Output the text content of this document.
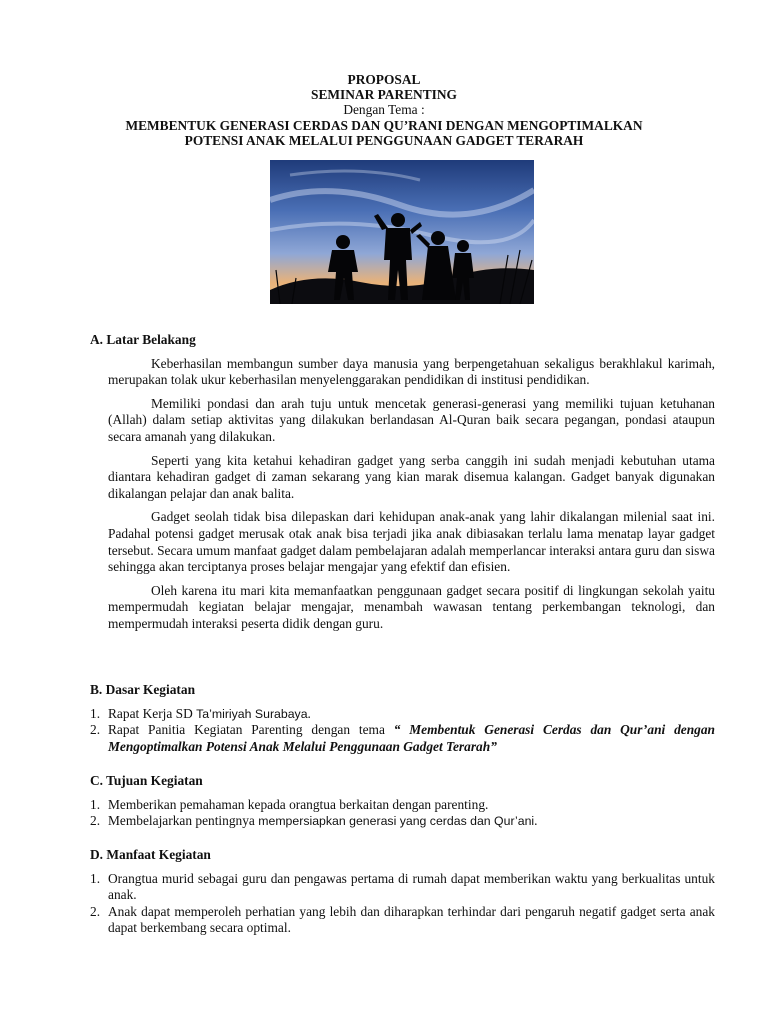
PROPOSAL
SEMINAR PARENTING
Dengan Tema :
MEMBENTUK GENERASI CERDAS DAN QU’RANI DENGAN MENGOPTIMALKAN
POTENSI ANAK MELALUI PENGGUNAAN GADGET TERARAH
A. Latar Belakang

Keberhasilan membangun sumber daya manusia yang berpengetahuan sekaligus berakhlakul karimah, merupakan tolak ukur keberhasilan menyelenggarakan pendidikan di institusi pendidikan.

Memiliki pondasi dan arah tuju untuk mencetak generasi-generasi yang memiliki tujuan ketuhanan (Allah) dalam setiap aktivitas yang dilakukan berlandasan Al-Quran baik secara pegangan, pondasi ataupun secara amanah yang dilakukan.

Seperti yang kita ketahui kehadiran gadget yang serba canggih ini sudah menjadi kebutuhan utama diantara kehadiran gadget di zaman sekarang yang kian marak disemua kalangan. Gadget banyak digunakan dikalangan pelajar dan anak balita.

Gadget seolah tidak bisa dilepaskan dari kehidupan anak-anak yang lahir dikalangan milenial saat ini. Padahal potensi gadget merusak otak anak bisa terjadi jika anak dibiasakan terlalu lama menatap layar gadget tersebut. Secara umum manfaat gadget dalam pembelajaran adalah memperlancar interaksi antara guru dan siswa sehingga akan terciptanya proses belajar mengajar yang efektif dan efisien.

Oleh karena itu mari kita memanfaatkan penggunaan gadget secara positif di lingkungan sekolah yaitu mempermudah kegiatan belajar mengajar, menambah wawasan tentang perkembangan teknologi, dan mempermudah interaksi peserta didik dengan guru.

B. Dasar Kegiatan
1. Rapat Kerja SD Ta’miriyah Surabaya.
2. Rapat Panitia Kegiatan Parenting dengan tema “ Membentuk Generasi Cerdas dan Qur’ani dengan Mengoptimalkan Potensi Anak Melalui Penggunaan Gadget Terarah”
C. Tujuan Kegiatan
1. Memberikan pemahaman kepada orangtua berkaitan dengan parenting.
2. Membelajarkan pentingnya mempersiapkan generasi yang cerdas dan Qur’ani.
D. Manfaat Kegiatan
1. Orangtua murid sebagai guru dan pengawas pertama di rumah dapat memberikan waktu yang berkualitas untuk anak.
2. Anak dapat memperoleh perhatian yang lebih dan diharapkan terhindar dari pengaruh negatif gadget serta anak dapat berkembang secara optimal.
